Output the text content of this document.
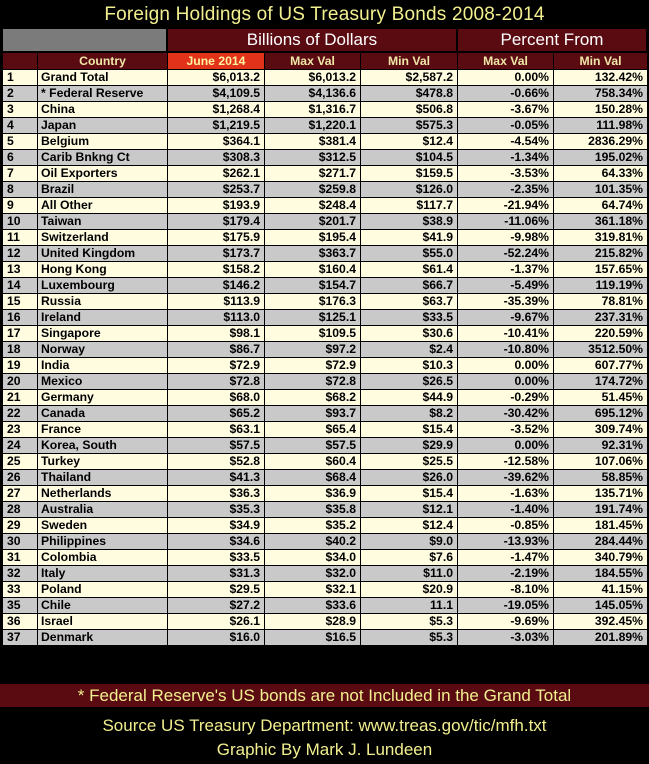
Foreign Holdings of US Treasury Bonds 2008-2014
Billions of Dollars	Percent From
	Country	June 2014	Max Val	Min Val	Max Val	Min Val
1	Grand Total	$6,013.2	$6,013.2	$2,587.2	0.00%	132.42%
2	* Federal Reserve	$4,109.5	$4,136.6	$478.8	-0.66%	758.34%
3	China	$1,268.4	$1,316.7	$506.8	-3.67%	150.28%
4	Japan	$1,219.5	$1,220.1	$575.3	-0.05%	111.98%
5	Belgium	$364.1	$381.4	$12.4	-4.54%	2836.29%
6	Carib Bnkng Ct	$308.3	$312.5	$104.5	-1.34%	195.02%
7	Oil Exporters	$262.1	$271.7	$159.5	-3.53%	64.33%
8	Brazil	$253.7	$259.8	$126.0	-2.35%	101.35%
9	All Other	$193.9	$248.4	$117.7	-21.94%	64.74%
10	Taiwan	$179.4	$201.7	$38.9	-11.06%	361.18%
11	Switzerland	$175.9	$195.4	$41.9	-9.98%	319.81%
12	United Kingdom	$173.7	$363.7	$55.0	-52.24%	215.82%
13	Hong Kong	$158.2	$160.4	$61.4	-1.37%	157.65%
14	Luxembourg	$146.2	$154.7	$66.7	-5.49%	119.19%
15	Russia	$113.9	$176.3	$63.7	-35.39%	78.81%
16	Ireland	$113.0	$125.1	$33.5	-9.67%	237.31%
17	Singapore	$98.1	$109.5	$30.6	-10.41%	220.59%
18	Norway	$86.7	$97.2	$2.4	-10.80%	3512.50%
19	India	$72.9	$72.9	$10.3	0.00%	607.77%
20	Mexico	$72.8	$72.8	$26.5	0.00%	174.72%
21	Germany	$68.0	$68.2	$44.9	-0.29%	51.45%
22	Canada	$65.2	$93.7	$8.2	-30.42%	695.12%
23	France	$63.1	$65.4	$15.4	-3.52%	309.74%
24	Korea, South	$57.5	$57.5	$29.9	0.00%	92.31%
25	Turkey	$52.8	$60.4	$25.5	-12.58%	107.06%
26	Thailand	$41.3	$68.4	$26.0	-39.62%	58.85%
27	Netherlands	$36.3	$36.9	$15.4	-1.63%	135.71%
28	Australia	$35.3	$35.8	$12.1	-1.40%	191.74%
29	Sweden	$34.9	$35.2	$12.4	-0.85%	181.45%
30	Philippines	$34.6	$40.2	$9.0	-13.93%	284.44%
31	Colombia	$33.5	$34.0	$7.6	-1.47%	340.79%
32	Italy	$31.3	$32.0	$11.0	-2.19%	184.55%
33	Poland	$29.5	$32.1	$20.9	-8.10%	41.15%
35	Chile	$27.2	$33.6	11.1	-19.05%	145.05%
36	Israel	$26.1	$28.9	$5.3	-9.69%	392.45%
37	Denmark	$16.0	$16.5	$5.3	-3.03%	201.89%
* Federal Reserve's US bonds are not Included in the Grand Total
Source US Treasury Department: www.treas.gov/tic/mfh.txt
Graphic By Mark J. Lundeen
